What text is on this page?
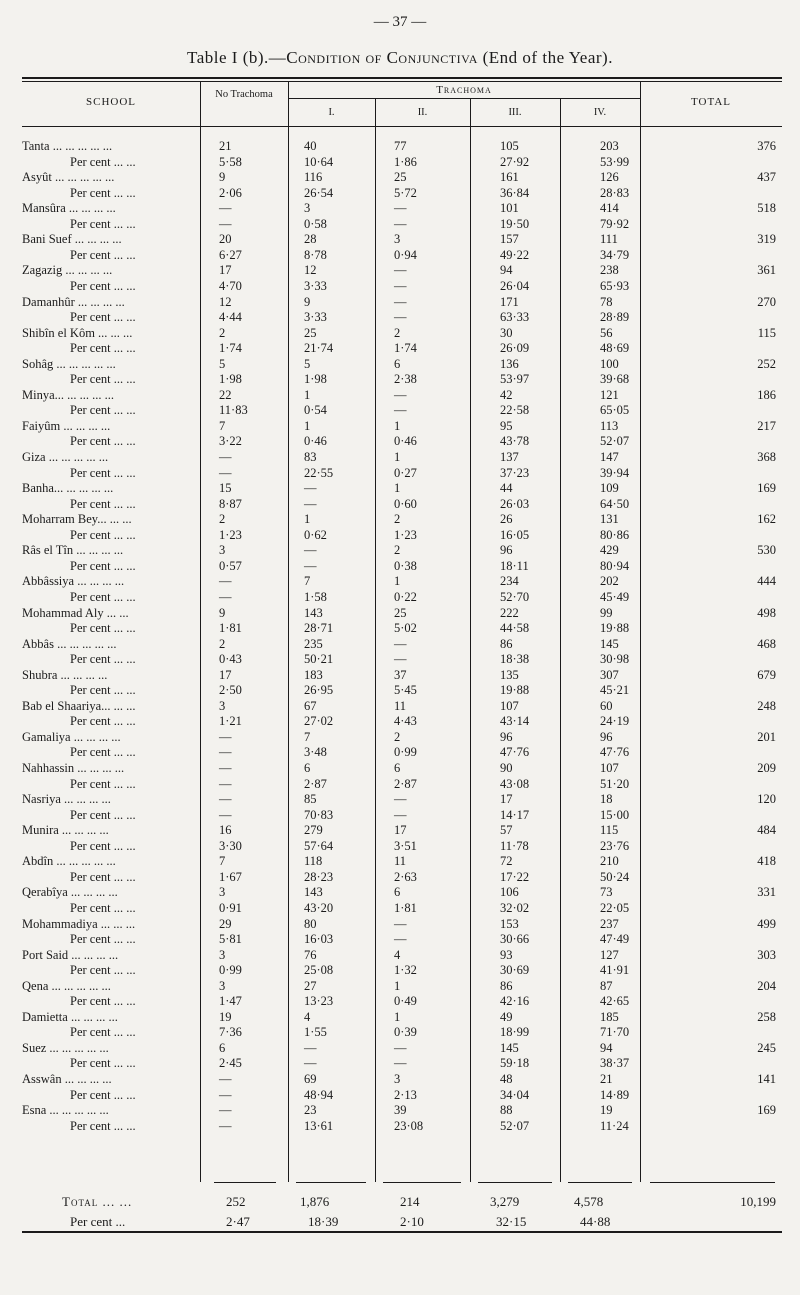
— 37 —
Table I (b).—Condition of Conjunctiva (End of the Year).
SCHOOL
No Trachoma	Trachoma
I.	II.	III.	IV.
TOTAL
Tanta ... ... ... ... ...	21	40	77	105	203	376
Per cent ... ...	5·58	10·64	1·86	27·92	53·99
Asyût ... ... ... ... ...	9	116	25	161	126	437
Per cent ... ...	2·06	26·54	5·72	36·84	28·83
Mansûra ... ... ... ...	—	3	—	101	414	518
Per cent ... ...	—	0·58	—	19·50	79·92
Bani Suef ... ... ... ...	20	28	3	157	111	319
Per cent ... ...	6·27	8·78	0·94	49·22	34·79
Zagazig ... ... ... ...	17	12	—	94	238	361
Per cent ... ...	4·70	3·33	—	26·04	65·93
Damanhûr ... ... ... ...	12	9	—	171	78	270
Per cent ... ...	4·44	3·33	—	63·33	28·89
Shibîn el Kôm ... ... ...	2	25	2	30	56	115
Per cent ... ...	1·74	21·74	1·74	26·09	48·69
Sohâg ... ... ... ... ...	5	5	6	136	100	252
Per cent ... ...	1·98	1·98	2·38	53·97	39·68
Minya... ... ... ... ...	22	1	—	42	121	186
Per cent ... ...	11·83	0·54	—	22·58	65·05
Faiyûm ... ... ... ...	7	1	1	95	113	217
Per cent ... ...	3·22	0·46	0·46	43·78	52·07
Giza ... ... ... ... ...	—	83	1	137	147	368
Per cent ... ...	—	22·55	0·27	37·23	39·94
Banha... ... ... ... ...	15	—	1	44	109	169
Per cent ... ...	8·87	—	0·60	26·03	64·50
Moharram Bey... ... ...	2	1	2	26	131	162
Per cent ... ...	1·23	0·62	1·23	16·05	80·86
Râs el Tîn ... ... ... ...	3	—	2	96	429	530
Per cent ... ...	0·57	—	0·38	18·11	80·94
Abbâssiya ... ... ... ...	—	7	1	234	202	444
Per cent ... ...	—	1·58	0·22	52·70	45·49
Mohammad Aly ... ...	9	143	25	222	99	498
Per cent ... ...	1·81	28·71	5·02	44·58	19·88
Abbâs ... ... ... ... ...	2	235	—	86	145	468
Per cent ... ...	0·43	50·21	—	18·38	30·98
Shubra ... ... ... ...	17	183	37	135	307	679
Per cent ... ...	2·50	26·95	5·45	19·88	45·21
Bab el Shaariya... ... ...	3	67	11	107	60	248
Per cent ... ...	1·21	27·02	4·43	43·14	24·19
Gamaliya ... ... ... ...	—	7	2	96	96	201
Per cent ... ...	—	3·48	0·99	47·76	47·76
Nahhassin ... ... ... ...	—	6	6	90	107	209
Per cent ... ...	—	2·87	2·87	43·08	51·20
Nasriya ... ... ... ...	—	85	—	17	18	120
Per cent ... ...	—	70·83	—	14·17	15·00
Munira ... ... ... ...	16	279	17	57	115	484
Per cent ... ...	3·30	57·64	3·51	11·78	23·76
Abdîn ... ... ... ... ...	7	118	11	72	210	418
Per cent ... ...	1·67	28·23	2·63	17·22	50·24
Qerabîya ... ... ... ...	3	143	6	106	73	331
Per cent ... ...	0·91	43·20	1·81	32·02	22·05
Mohammadiya ... ... ...	29	80	—	153	237	499
Per cent ... ...	5·81	16·03	—	30·66	47·49
Port Said ... ... ... ...	3	76	4	93	127	303
Per cent ... ...	0·99	25·08	1·32	30·69	41·91
Qena ... ... ... ... ...	3	27	1	86	87	204
Per cent ... ...	1·47	13·23	0·49	42·16	42·65
Damietta ... ... ... ...	19	4	1	49	185	258
Per cent ... ...	7·36	1·55	0·39	18·99	71·70
Suez ... ... ... ... ...	6	—	—	145	94	245
Per cent ... ...	2·45	—	—	59·18	38·37
Asswân ... ... ... ...	—	69	3	48	21	141
Per cent ... ...	—	48·94	2·13	34·04	14·89
Esna ... ... ... ... ...	—	23	39	88	19	169
Per cent ... ...	—	13·61	23·08	52·07	11·24
Total ... ...	252	1,876	214	3,279	4,578	10,199
Per cent ...	2·47	18·39	2·10	32·15	44·88
